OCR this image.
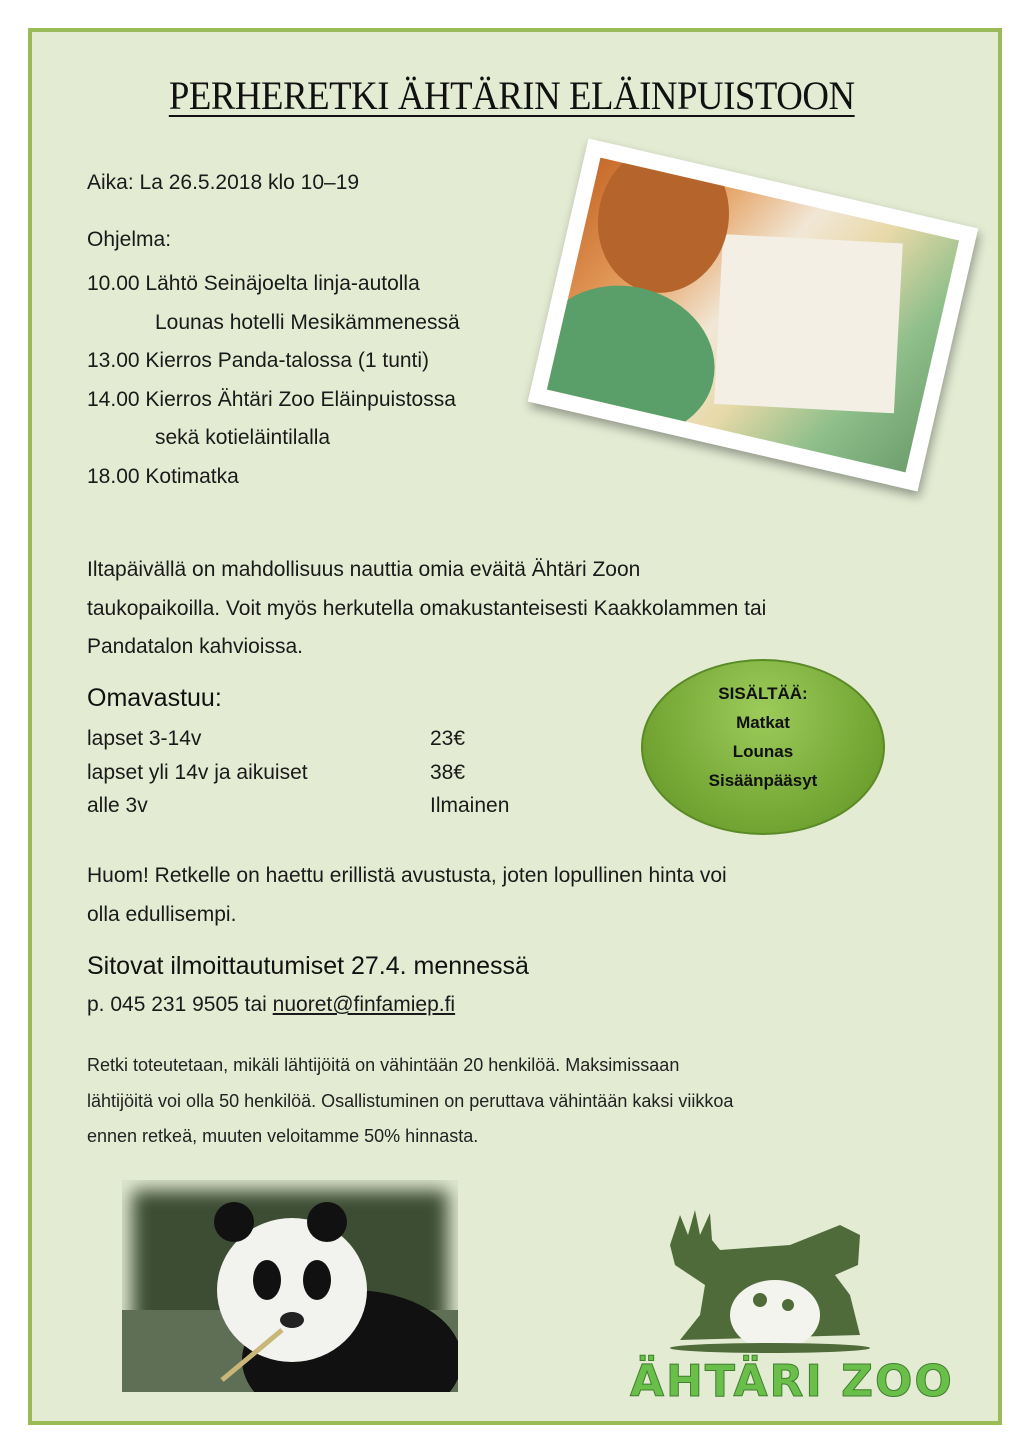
PERHERETKI ÄHTÄRIN ELÄINPUISTOON
Aika: La 26.5.2018 klo 10–19
Ohjelma:
10.00 Lähtö Seinäjoelta linja-autolla
Lounas hotelli Mesikämmenessä
13.00 Kierros Panda-talossa (1 tunti)
14.00 Kierros Ähtäri Zoo Eläinpuistossa
sekä kotieläintilalla
18.00 Kotimatka
Iltapäivällä on mahdollisuus nauttia omia eväitä Ähtäri Zoon
taukopaikoilla. Voit myös herkutella omakustanteisesti Kaakkolammen tai
Pandatalon kahvioissa.
Omavastuu:
lapset 3-14v	23€
lapset yli 14v ja aikuiset	38€
alle 3v	Ilmainen
SISÄLTÄÄ:
Matkat
Lounas
Sisäänpääsyt
Huom! Retkelle on haettu erillistä avustusta, joten lopullinen hinta voi
olla edullisempi.
Sitovat ilmoittautumiset 27.4. mennessä
p. 045 231 9505 tai nuoret@finfamiep.fi
Retki toteutetaan, mikäli lähtijöitä on vähintään 20 henkilöä. Maksimissaan
lähtijöitä voi olla 50 henkilöä. Osallistuminen on peruttava vähintään kaksi viikkoa
ennen retkeä, muuten veloitamme 50% hinnasta.
ÄHTÄRI ZOO
